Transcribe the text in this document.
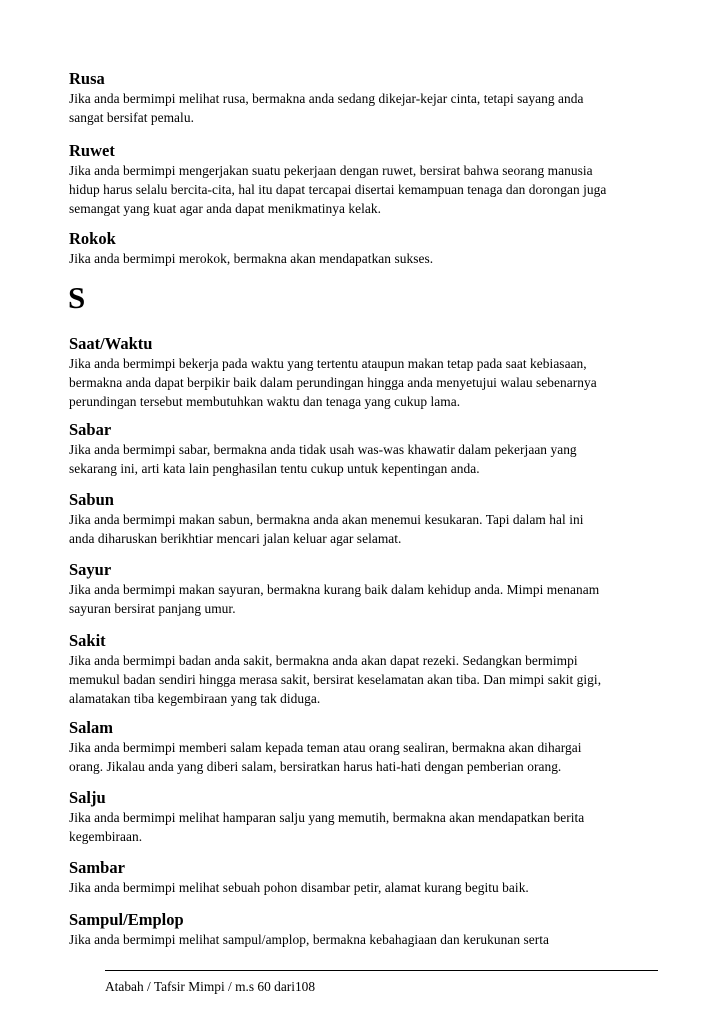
Rusa

Jika anda bermimpi melihat rusa, bermakna anda sedang dikejar-kejar cinta, tetapi sayang anda
sangat bersifat pemalu.

Ruwet

Jika anda bermimpi mengerjakan suatu pekerjaan dengan ruwet, bersirat bahwa seorang manusia
hidup harus selalu bercita-cita, hal itu dapat tercapai disertai kemampuan tenaga dan dorongan juga
semangat yang kuat agar anda dapat menikmatinya kelak.

Rokok

Jika anda bermimpi merokok, bermakna akan mendapatkan sukses.

S

Saat/Waktu

Jika anda bermimpi bekerja pada waktu yang tertentu ataupun makan tetap pada saat kebiasaan,
bermakna anda dapat berpikir baik dalam perundingan hingga anda menyetujui walau sebenarnya
perundingan tersebut membutuhkan waktu dan tenaga yang cukup lama.

Sabar

Jika anda bermimpi sabar, bermakna anda tidak usah was-was khawatir dalam pekerjaan yang
sekarang ini, arti kata lain penghasilan tentu cukup untuk kepentingan anda.

Sabun

Jika anda bermimpi makan sabun, bermakna anda akan menemui kesukaran. Tapi dalam hal ini
anda diharuskan berikhtiar mencari jalan keluar agar selamat.

Sayur

Jika anda bermimpi makan sayuran, bermakna kurang baik dalam kehidup anda. Mimpi menanam
sayuran bersirat panjang umur.

Sakit

Jika anda bermimpi badan anda sakit, bermakna anda akan dapat rezeki. Sedangkan bermimpi
memukul badan sendiri hingga merasa sakit, bersirat keselamatan akan tiba. Dan mimpi sakit gigi,
alamatakan tiba kegembiraan yang tak diduga.

Salam

Jika anda bermimpi memberi salam kepada teman atau orang sealiran, bermakna akan dihargai
orang. Jikalau anda yang diberi salam, bersiratkan harus hati-hati dengan pemberian orang.

Salju

Jika anda bermimpi melihat hamparan salju yang memutih, bermakna akan mendapatkan berita
kegembiraan.

Sambar

Jika anda bermimpi melihat sebuah pohon disambar petir, alamat kurang begitu baik.

Sampul/Emplop

Jika anda bermimpi melihat sampul/amplop, bermakna kebahagiaan dan kerukunan serta

Atabah / Tafsir Mimpi / m.s 60 dari108
